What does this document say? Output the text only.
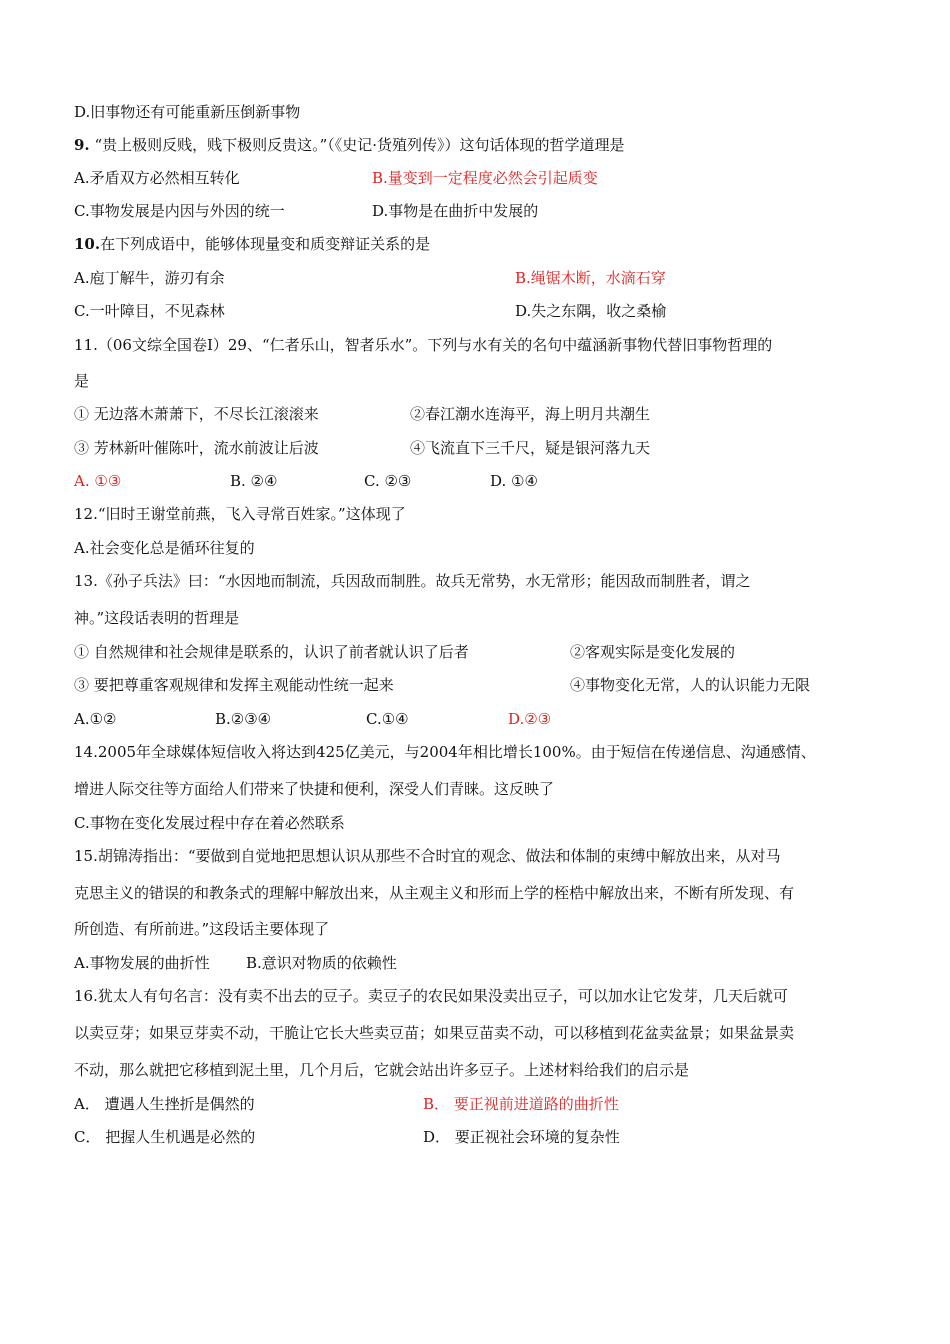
D.旧事物还有可能重新压倒新事物
9. “贵上极则反贱，贱下极则反贵这。”（《史记·货殖列传》）这句话体现的哲学道理是
A.矛盾双方必然相互转化	B.量变到一定程度必然会引起质变
C.事物发展是内因与外因的统一	D.事物是在曲折中发展的
10.在下列成语中，能够体现量变和质变辩证关系的是
A.庖丁解牛，游刃有余	B.绳锯木断，水滴石穿
C.一叶障目，不见森林	D.失之东隅，收之桑榆
11.（06文综全国卷Ⅰ）29、“仁者乐山，智者乐水”。下列与水有关的名句中蕴涵新事物代替旧事物哲理的
是
① 无边落木萧萧下，不尽长江滚滚来	②春江潮水连海平，海上明月共潮生
③ 芳林新叶催陈叶，流水前波让后波	④飞流直下三千尺，疑是银河落九天
A. ①③	B. ②④	C. ②③	D. ①④
12.“旧时王谢堂前燕，飞入寻常百姓家。”这体现了
A.社会变化总是循环往复的
13.《孙子兵法》曰：“水因地而制流，兵因敌而制胜。故兵无常势，水无常形；能因敌而制胜者，谓之
神。”这段话表明的哲理是
① 自然规律和社会规律是联系的，认识了前者就认识了后者	②客观实际是变化发展的
③ 要把尊重客观规律和发挥主观能动性统一起来	④事物变化无常，人的认识能力无限
A.①②	B.②③④	C.①④	D.②③
14.2005年全球媒体短信收入将达到425亿美元，与2004年相比增长100%。由于短信在传递信息、沟通感情、
增进人际交往等方面给人们带来了快捷和便利，深受人们青睐。这反映了
C.事物在变化发展过程中存在着必然联系
15.胡锦涛指出：“要做到自觉地把思想认识从那些不合时宜的观念、做法和体制的束缚中解放出来，从对马
克思主义的错误的和教条式的理解中解放出来，从主观主义和形而上学的桎梏中解放出来，不断有所发现、有
所创造、有所前进。”这段话主要体现了
A.事物发展的曲折性 B.意识对物质的依赖性
16.犹太人有句名言：没有卖不出去的豆子。卖豆子的农民如果没卖出豆子，可以加水让它发芽，几天后就可
以卖豆芽；如果豆芽卖不动，干脆让它长大些卖豆苗；如果豆苗卖不动，可以移植到花盆卖盆景；如果盆景卖
不动，那么就把它移植到泥土里，几个月后，它就会站出许多豆子。上述材料给我们的启示是
A． 遭遇人生挫折是偶然的	B． 要正视前进道路的曲折性
C． 把握人生机遇是必然的	D． 要正视社会环境的复杂性
